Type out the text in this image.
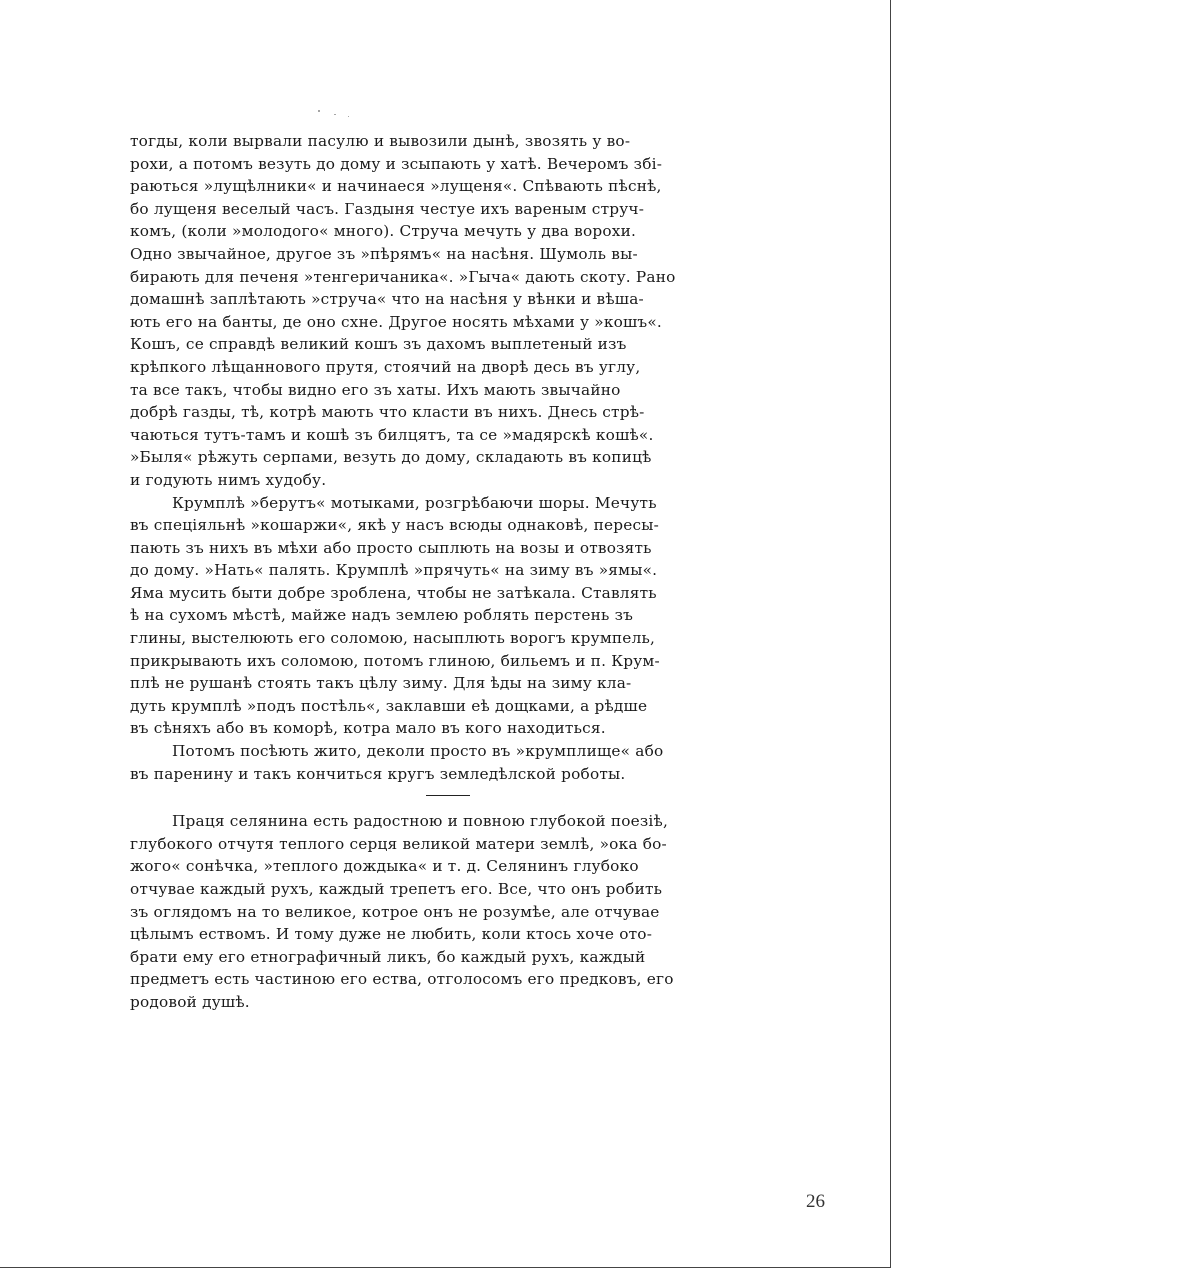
тогды, коли вырвали пасулю и вывозили дынѣ, звозять у во-
рохи, а потомъ везуть до дому и зсыпають у хатѣ. Вечеромъ збі-
раються »лущѣлники« и начинаеся »лущеня«. Спѣвають пѣснѣ,
бо лущеня веселый часъ. Газдыня честуе ихъ вареным струч-
комъ, (коли »молодого« много). Струча мечуть у два ворохи.
Одно звычайное, другое зъ »пѣрямъ« на насѣня. Шумоль вы-
бирають для печеня »тенгеричаника«. »Гыча« дають скоту. Рано
домашнѣ заплѣтають »струча« что на насѣня у вѣнки и вѣша-
ють его на банты, де оно схне. Другое носять мѣхами у »кошъ«.
Кошъ, се справдѣ великий кошъ зъ дахомъ выплетеный изъ
крѣпкого лѣщаннового прутя, стоячий на дворѣ десь въ углу,
та все такъ, чтобы видно его зъ хаты. Ихъ мають звычайно
добрѣ газды, тѣ, котрѣ мають что класти въ нихъ. Днесь стрѣ-
чаються тутъ-тамъ и кошѣ зъ билцятъ, та се »мадярскѣ кошѣ«.
»Быля« рѣжуть серпами, везуть до дому, складають въ копицѣ
и годують нимъ худобу.
Крумплѣ »берутъ« мотыками, розгрѣбаючи шоры. Мечуть
въ спецiяльнѣ »кошаржи«, якѣ у насъ всюды однаковѣ, пересы-
пають зъ нихъ въ мѣхи або просто сыплють на возы и отвозять
до дому. »Нать« палять. Крумплѣ »прячуть« на зиму въ »ямы«.
Яма мусить быти добре зроблена, чтобы не затѣкала. Ставлять
ѣ на сухомъ мѣстѣ, майже надъ землею роблять перстень зъ
глины, выстелюють его соломою, насыплють ворогъ крумпель,
прикрывають ихъ соломою, потомъ глиною, бильемъ и п. Крум-
плѣ не рушанѣ стоять такъ цѣлу зиму. Для ѣды на зиму кла-
дуть крумплѣ »подъ постѣль«, заклавши еѣ дощками, а рѣдше
въ сѣняхъ або въ коморѣ, котра мало въ кого находиться.
Потомъ посѣють жито, деколи просто въ »крумплище« або
въ паренину и такъ кончиться кругъ земледѣлской роботы.
Праця селянина есть радостною и повною глубокой поезiѣ,
глубокого отчутя теплого серця великой матери землѣ, »ока бо-
жого« сонѣчка, »теплого дождыка« и т. д. Селянинъ глубоко
отчувае каждый рухъ, каждый трепетъ его. Все, что онъ робить
зъ оглядомъ на то великое, котрое онъ не розумѣе, але отчувае
цѣлымъ ествомъ. И тому дуже не любить, коли ктось хоче ото-
брати ему его етнографичный ликъ, бо каждый рухъ, каждый
предметъ есть частиною его ества, отголосомъ его предковъ, его
родовой душѣ.
26
